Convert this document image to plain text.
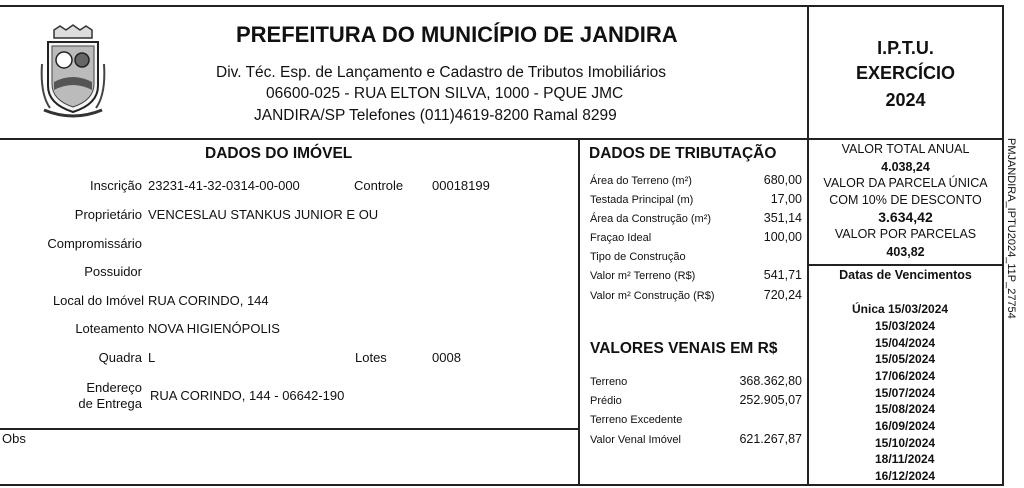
PREFEITURA DO MUNICÍPIO DE JANDIRA
Div. Téc. Esp. de Lançamento e Cadastro de Tributos Imobiliários
06600-025 - RUA ELTON SILVA, 1000 - PQUE JMC
JANDIRA/SP Telefones (011)4619-8200 Ramal 8299
I.P.T.U.
EXERCÍCIO
2024
PMJANDIRA_IPTU2024_11P_27754
DADOS DO IMÓVEL
Inscrição 23231-41-32-0314-00-000	Controle 00018199
Proprietário VENCESLAU STANKUS JUNIOR E OU
Compromissário
Possuidor
Local do Imóvel RUA CORINDO, 144
Loteamento NOVA HIGIENÓPOLIS
Quadra L	Lotes	0008
Endereço
de Entrega
RUA CORINDO, 144 - 06642-190
Obs
DADOS DE TRIBUTAÇÃO
Área do Terreno (m²)	680,00
Testada Principal (m)	17,00
Área da Construção (m²)	351,14
Fraçao Ideal	100,00
Tipo de Construção
Valor m² Terreno (R$)	541,71
Valor m² Construção (R$)	720,24
VALORES VENAIS EM R$
Terreno	368.362,80
Prédio	252.905,07
Terreno Excedente
Valor Venal Imóvel	621.267,87
VALOR TOTAL ANUAL
4.038,24
VALOR DA PARCELA ÚNICA
COM 10% DE DESCONTO
3.634,42
VALOR POR PARCELAS
403,82
Datas de Vencimentos
Única 15/03/2024
15/03/2024
15/04/2024
15/05/2024
17/06/2024
15/07/2024
15/08/2024
16/09/2024
15/10/2024
18/11/2024
16/12/2024
